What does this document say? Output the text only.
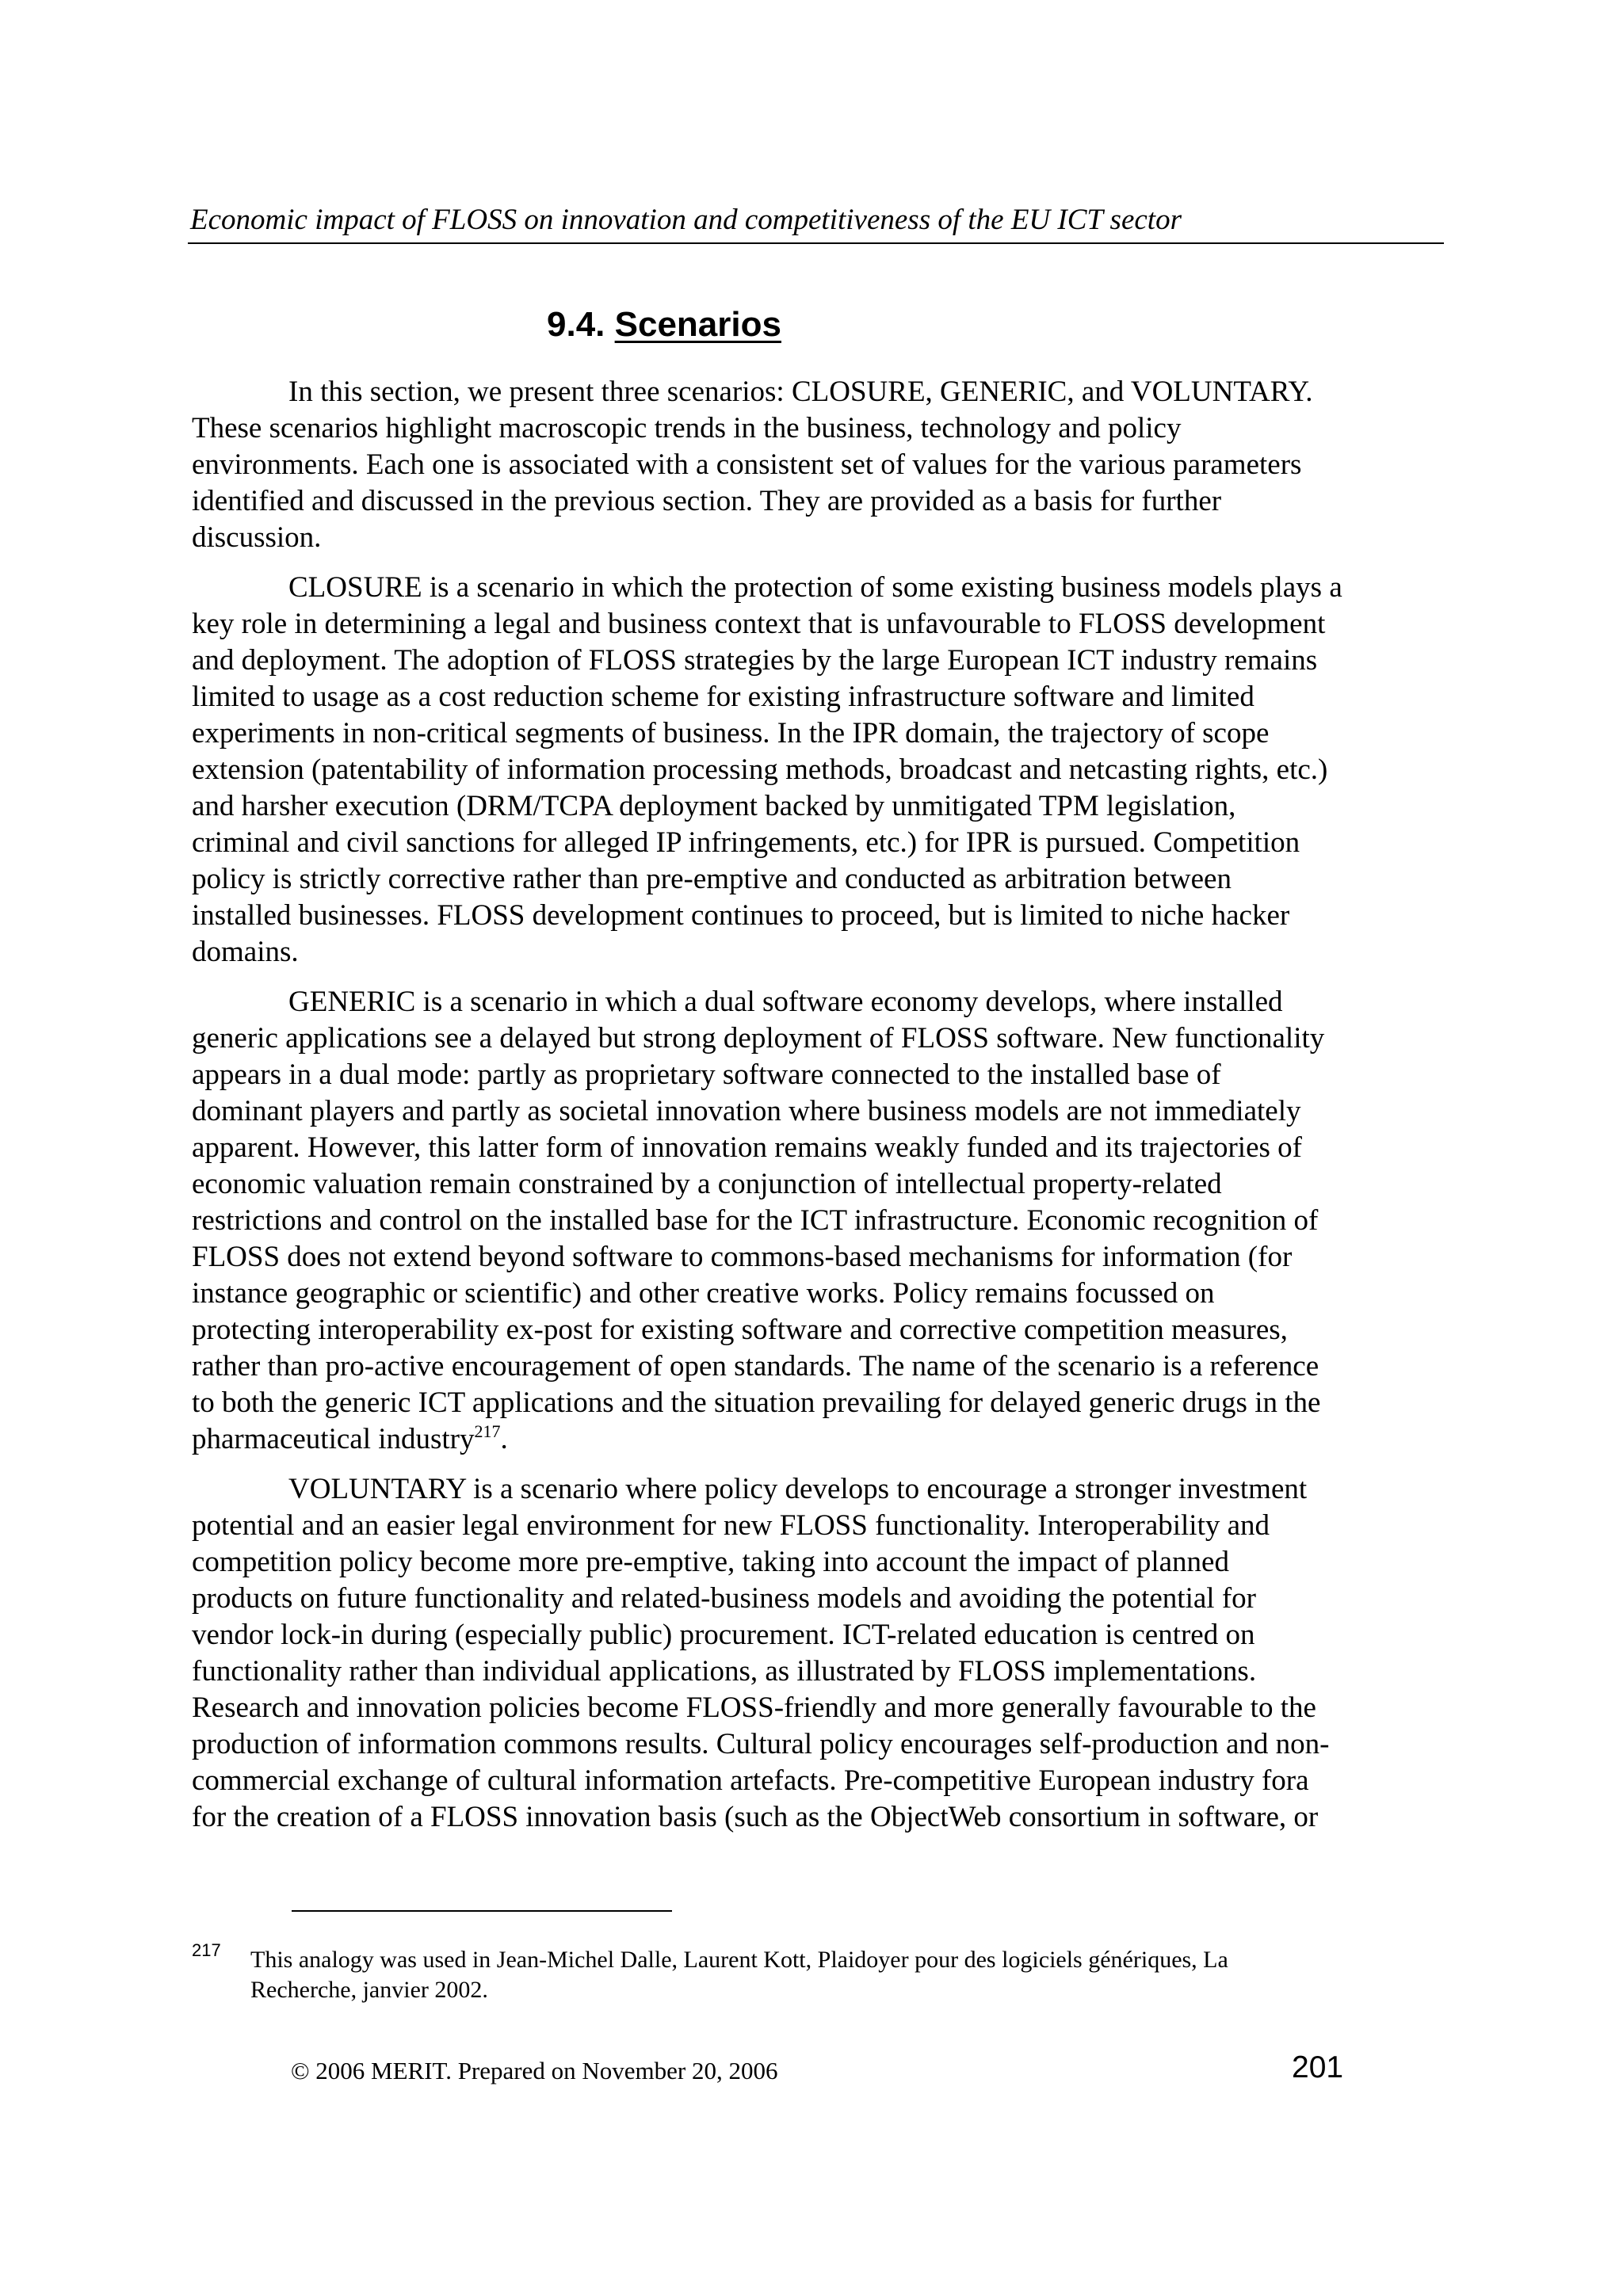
Economic impact of FLOSS on innovation and competitiveness of the EU ICT sector
9.4. Scenarios
In this section, we present three scenarios: CLOSURE, GENERIC, and VOLUNTARY.
These scenarios highlight macroscopic trends in the business, technology and policy
environments. Each one is associated with a consistent set of values for the various parameters
identified and discussed in the previous section. They are provided as a basis for further
discussion.
CLOSURE is a scenario in which the protection of some existing business models plays a
key role in determining a legal and business context that is unfavourable to FLOSS development
and deployment. The adoption of FLOSS strategies by the large European ICT industry remains
limited to usage as a cost reduction scheme for existing infrastructure software and limited
experiments in non-critical segments of business. In the IPR domain, the trajectory of scope
extension (patentability of information processing methods, broadcast and netcasting rights, etc.)
and harsher execution (DRM/TCPA deployment backed by unmitigated TPM legislation,
criminal and civil sanctions for alleged IP infringements, etc.) for IPR is pursued. Competition
policy is strictly corrective rather than pre-emptive and conducted as arbitration between
installed businesses. FLOSS development continues to proceed, but is limited to niche hacker
domains.
GENERIC is a scenario in which a dual software economy develops, where installed
generic applications see a delayed but strong deployment of FLOSS software. New functionality
appears in a dual mode: partly as proprietary software connected to the installed base of
dominant players and partly as societal innovation where business models are not immediately
apparent. However, this latter form of innovation remains weakly funded and its trajectories of
economic valuation remain constrained by a conjunction of intellectual property-related
restrictions and control on the installed base for the ICT infrastructure. Economic recognition of
FLOSS does not extend beyond software to commons-based mechanisms for information (for
instance geographic or scientific) and other creative works. Policy remains focussed on
protecting interoperability ex-post for existing software and corrective competition measures,
rather than pro-active encouragement of open standards. The name of the scenario is a reference
to both the generic ICT applications and the situation prevailing for delayed generic drugs in the
pharmaceutical industry$^{217}$.
VOLUNTARY is a scenario where policy develops to encourage a stronger investment
potential and an easier legal environment for new FLOSS functionality. Interoperability and
competition policy become more pre-emptive, taking into account the impact of planned
products on future functionality and related-business models and avoiding the potential for
vendor lock-in during (especially public) procurement. ICT-related education is centred on
functionality rather than individual applications, as illustrated by FLOSS implementations.
Research and innovation policies become FLOSS-friendly and more generally favourable to the
production of information commons results. Cultural policy encourages self-production and non-
commercial exchange of cultural information artefacts. Pre-competitive European industry fora
for the creation of a FLOSS innovation basis (such as the ObjectWeb consortium in software, or
217	This analogy was used in Jean-Michel Dalle, Laurent Kott, Plaidoyer pour des logiciels génériques, La
Recherche, janvier 2002.
© 2006 MERIT. Prepared on November 20, 2006	201
